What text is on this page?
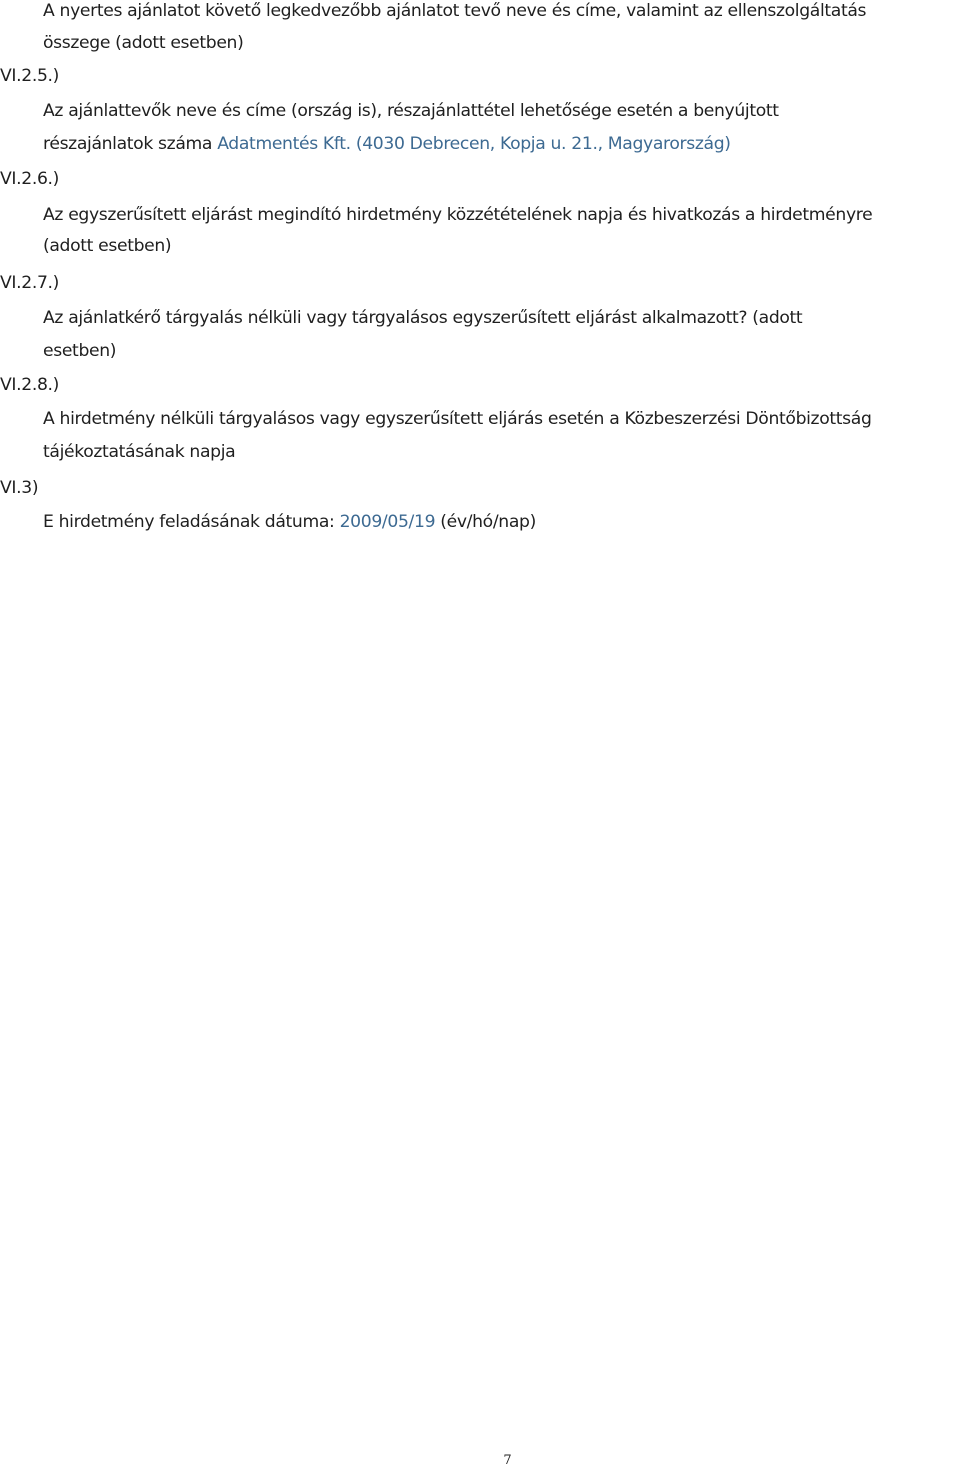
A nyertes ajánlatot követő legkedvezőbb ajánlatot tevő neve és címe, valamint az ellenszolgáltatás
összege (adott esetben)
VI.2.5.)
Az ajánlattevők neve és címe (ország is), részajánlattétel lehetősége esetén a benyújtott
részajánlatok száma Adatmentés Kft. (4030 Debrecen, Kopja u. 21., Magyarország)
VI.2.6.)
Az egyszerűsített eljárást megindító hirdetmény közzétételének napja és hivatkozás a hirdetményre
(adott esetben)
VI.2.7.)
Az ajánlatkérő tárgyalás nélküli vagy tárgyalásos egyszerűsített eljárást alkalmazott? (adott
esetben)
VI.2.8.)
A hirdetmény nélküli tárgyalásos vagy egyszerűsített eljárás esetén a Közbeszerzési Döntőbizottság
tájékoztatásának napja
VI.3)
E hirdetmény feladásának dátuma: 2009/05/19 (év/hó/nap)
7
